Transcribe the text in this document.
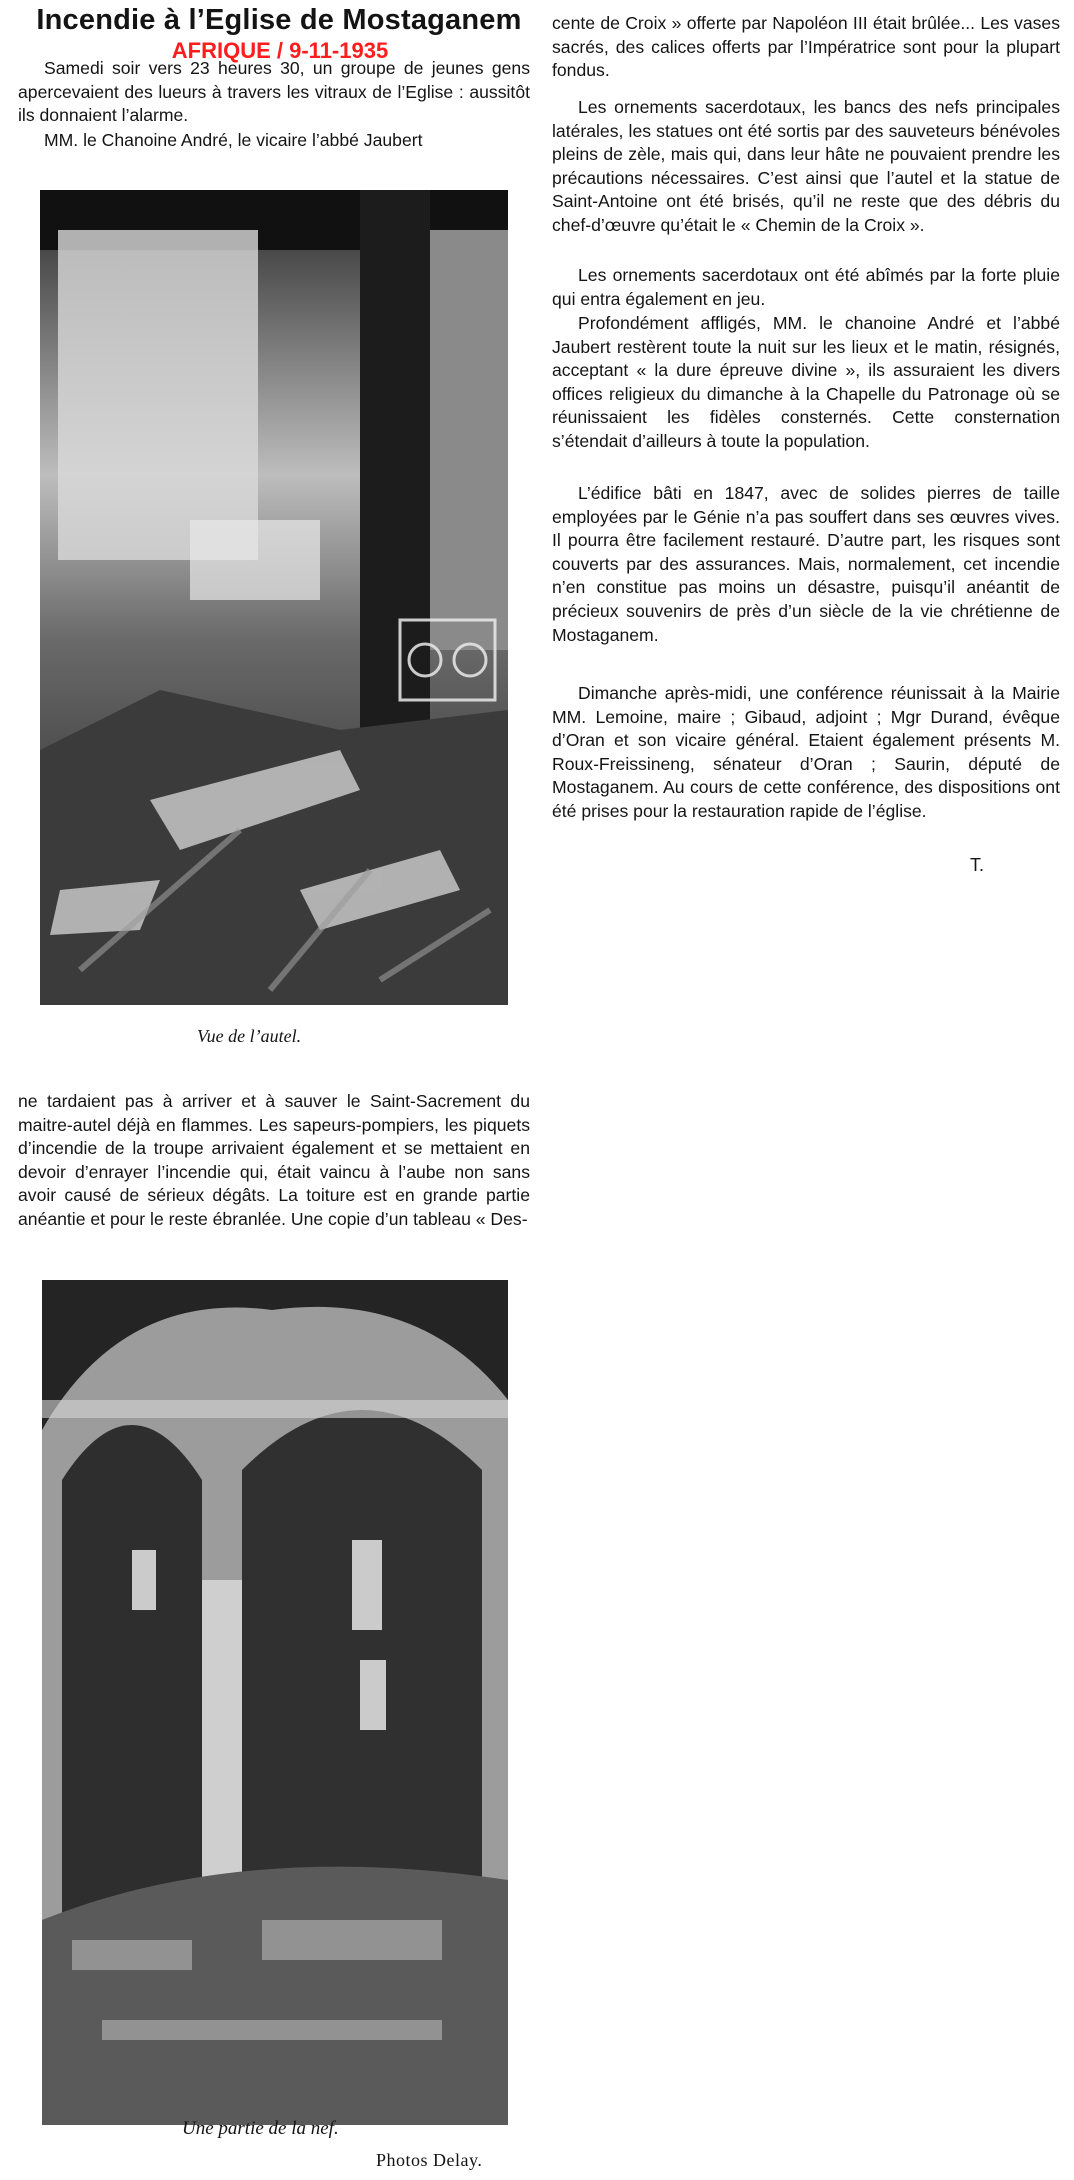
Incendie à l’Eglise de Mostaganem
AFRIQUE / 9-11-1935

Samedi soir vers 23 heures 30, un groupe de jeunes gens apercevaient des lueurs à travers les vitraux de l’Eglise : aussitôt ils donnaient l’alarme.

MM. le Chanoine André, le vicaire l’abbé Jaubert

Vue de l’autel.

ne tardaient pas à arriver et à sauver le Saint-Sacrement du maitre-autel déjà en flammes. Les sapeurs-pompiers, les piquets d’incendie de la troupe arrivaient également et se mettaient en devoir d’enrayer l’incendie qui, était vaincu à l’aube non sans avoir causé de sérieux dégâts. La toiture est en grande partie anéantie et pour le reste ébranlée. Une copie d’un tableau « Des-

Une partie de la nef.
Photos Delay.

cente de Croix » offerte par Napoléon III était brûlée... Les vases sacrés, des calices offerts par l’Impératrice sont pour la plupart fondus.

Les ornements sacerdotaux, les bancs des nefs principales latérales, les statues ont été sortis par des sauveteurs bénévoles pleins de zèle, mais qui, dans leur hâte ne pouvaient prendre les précautions nécessaires. C’est ainsi que l’autel et la statue de Saint-Antoine ont été brisés, qu’il ne reste que des débris du chef-d’œuvre qu’était le « Chemin de la Croix ».

Les ornements sacerdotaux ont été abîmés par la forte pluie qui entra également en jeu.

Profondément affligés, MM. le chanoine André et l’abbé Jaubert restèrent toute la nuit sur les lieux et le matin, résignés, acceptant « la dure épreuve divine », ils assuraient les divers offices religieux du dimanche à la Chapelle du Patronage où se réunissaient les fidèles consternés. Cette consternation s’étendait d’ailleurs à toute la population.

L’édifice bâti en 1847, avec de solides pierres de taille employées par le Génie n’a pas souffert dans ses œuvres vives. Il pourra être facilement restauré. D’autre part, les risques sont couverts par des assurances. Mais, normalement, cet incendie n’en constitue pas moins un désastre, puisqu’il anéantit de précieux souvenirs de près d’un siècle de la vie chrétienne de Mostaganem.

Dimanche après-midi, une conférence réunissait à la Mairie MM. Lemoine, maire ; Gibaud, adjoint ; Mgr Durand, évêque d’Oran et son vicaire général. Etaient également présents M. Roux-Freissineng, sénateur d’Oran ; Saurin, député de Mostaganem. Au cours de cette conférence, des dispositions ont été prises pour la restauration rapide de l’église.

T.
